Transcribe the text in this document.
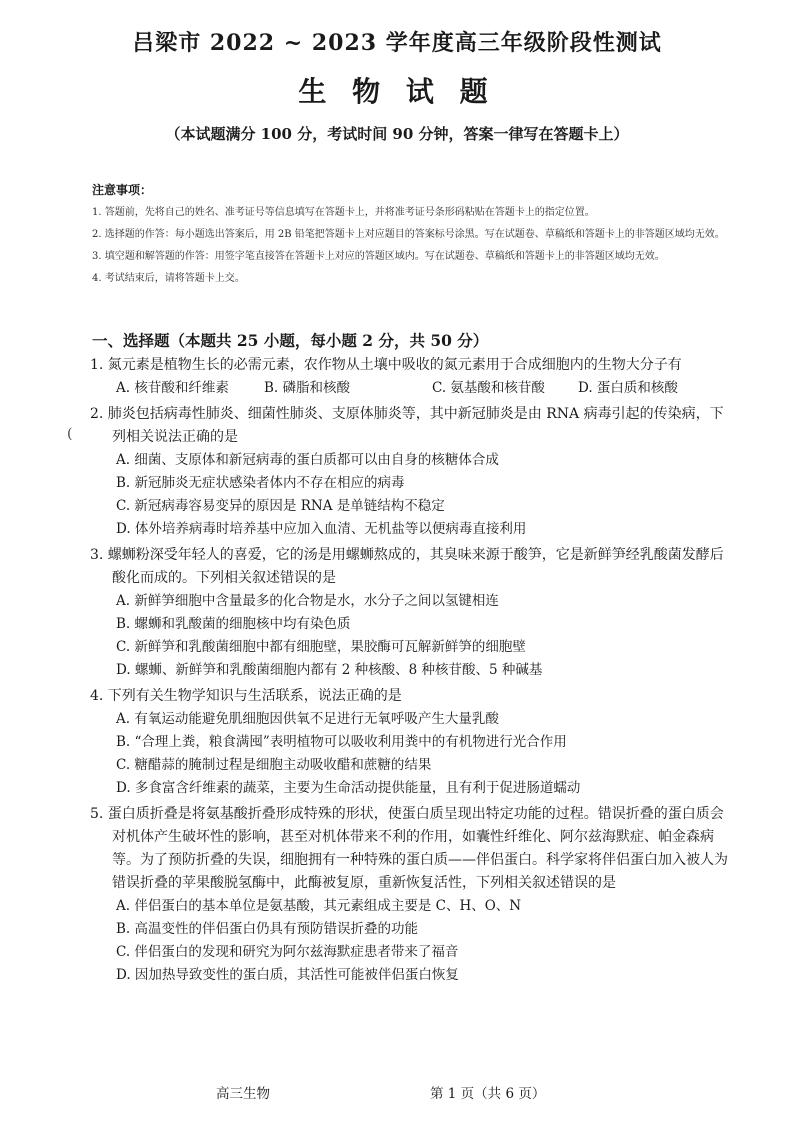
吕梁市 2022 ~ 2023 学年度高三年级阶段性测试
生 物 试 题
（本试题满分 100 分，考试时间 90 分钟，答案一律写在答题卡上）
注意事项：
1. 答题前，先将自己的姓名、准考证号等信息填写在答题卡上，并将准考证号条形码粘贴在答题卡上的指定位置。
2. 选择题的作答：每小题选出答案后，用 2B 铅笔把答题卡上对应题目的答案标号涂黑。写在试题卷、草稿纸和答题卡上的非答题区域均无效。
3. 填空题和解答题的作答：用签字笔直接答在答题卡上对应的答题区域内。写在试题卷、草稿纸和答题卡上的非答题区域均无效。
4. 考试结束后，请将答题卡上交。
一、选择题（本题共 25 小题，每小题 2 分，共 50 分）
(
1. 氮元素是植物生长的必需元素，农作物从土壤中吸收的氮元素用于合成细胞内的生物大分子有
A. 核苷酸和纤维素	B. 磷脂和核酸	C. 氨基酸和核苷酸	D. 蛋白质和核酸
2. 肺炎包括病毒性肺炎、细菌性肺炎、支原体肺炎等，其中新冠肺炎是由 RNA 病毒引起的传染病，下列相关说法正确的是
A. 细菌、支原体和新冠病毒的蛋白质都可以由自身的核糖体合成
B. 新冠肺炎无症状感染者体内不存在相应的病毒
C. 新冠病毒容易变异的原因是 RNA 是单链结构不稳定
D. 体外培养病毒时培养基中应加入血清、无机盐等以便病毒直接利用
3. 螺蛳粉深受年轻人的喜爱，它的汤是用螺蛳熬成的，其臭味来源于酸笋，它是新鲜笋经乳酸菌发酵后酸化而成的。下列相关叙述错误的是
A. 新鲜笋细胞中含量最多的化合物是水，水分子之间以氢键相连
B. 螺蛳和乳酸菌的细胞核中均有染色质
C. 新鲜笋和乳酸菌细胞中都有细胞壁，果胶酶可瓦解新鲜笋的细胞壁
D. 螺蛳、新鲜笋和乳酸菌细胞内都有 2 种核酸、8 种核苷酸、5 种碱基
4. 下列有关生物学知识与生活联系，说法正确的是
A. 有氧运动能避免肌细胞因供氧不足进行无氧呼吸产生大量乳酸
B. “合理上粪，粮食满囤”表明植物可以吸收利用粪中的有机物进行光合作用
C. 糖醋蒜的腌制过程是细胞主动吸收醋和蔗糖的结果
D. 多食富含纤维素的蔬菜，主要为生命活动提供能量，且有利于促进肠道蠕动
5. 蛋白质折叠是将氨基酸折叠形成特殊的形状，使蛋白质呈现出特定功能的过程。错误折叠的蛋白质会对机体产生破坏性的影响，甚至对机体带来不利的作用，如囊性纤维化、阿尔兹海默症、帕金森病等。为了预防折叠的失误，细胞拥有一种特殊的蛋白质——伴侣蛋白。科学家将伴侣蛋白加入被人为错误折叠的苹果酸脱氢酶中，此酶被复原，重新恢复活性，下列相关叙述错误的是
A. 伴侣蛋白的基本单位是氨基酸，其元素组成主要是 C、H、O、N
B. 高温变性的伴侣蛋白仍具有预防错误折叠的功能
C. 伴侣蛋白的发现和研究为阿尔兹海默症患者带来了福音
D. 因加热导致变性的蛋白质，其活性可能被伴侣蛋白恢复
高三生物	第 1 页（共 6 页）
